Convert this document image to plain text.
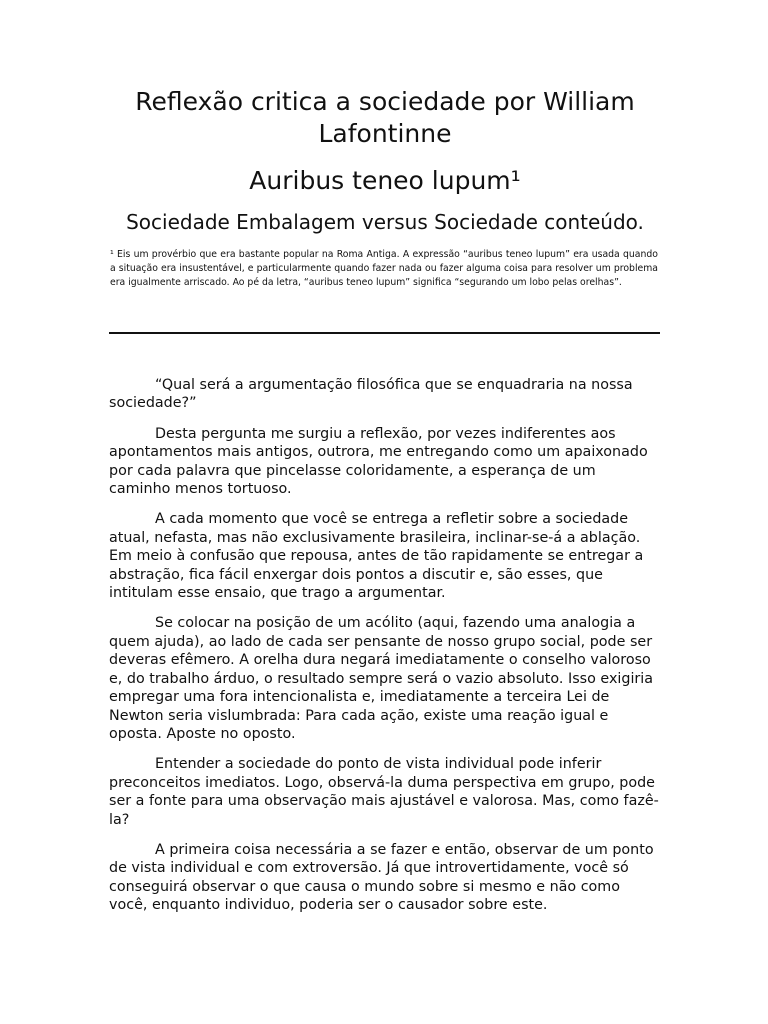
Reflexão critica a sociedade por William Lafontinne
Auribus teneo lupum¹
Sociedade Embalagem versus Sociedade conteúdo.

¹ Eis um provérbio que era bastante popular na Roma Antiga. A expressão “auribus teneo lupum” era usada quando a situação era insustentável, e particularmente quando fazer nada ou fazer alguma coisa para resolver um problema era igualmente arriscado. Ao pé da letra, “auribus teneo lupum” significa “segurando um lobo pelas orelhas”.

“Qual será a argumentação filosófica que se enquadraria na nossa sociedade?”

Desta pergunta me surgiu a reflexão, por vezes indiferentes aos apontamentos mais antigos, outrora, me entregando como um apaixonado por cada palavra que pincelasse coloridamente, a esperança de um caminho menos tortuoso.

A cada momento que você se entrega a refletir sobre a sociedade atual, nefasta, mas não exclusivamente brasileira, inclinar-se-á a ablação. Em meio à confusão que repousa, antes de tão rapidamente se entregar a abstração, fica fácil enxergar dois pontos a discutir e, são esses, que intitulam esse ensaio, que trago a argumentar.

Se colocar na posição de um acólito (aqui, fazendo uma analogia a quem ajuda), ao lado de cada ser pensante de nosso grupo social, pode ser deveras efêmero. A orelha dura negará imediatamente o conselho valoroso e, do trabalho árduo, o resultado sempre será o vazio absoluto. Isso exigiria empregar uma fora intencionalista e, imediatamente a terceira Lei de Newton seria vislumbrada: Para cada ação, existe uma reação igual e oposta. Aposte no oposto.

Entender a sociedade do ponto de vista individual pode inferir preconceitos imediatos. Logo, observá-la duma perspectiva em grupo, pode ser a fonte para uma observação mais ajustável e valorosa. Mas, como fazê-la?

A primeira coisa necessária a se fazer e então, observar de um ponto de vista individual e com extroversão. Já que introvertidamente, você só conseguirá observar o que causa o mundo sobre si mesmo e não como você, enquanto individuo, poderia ser o causador sobre este.
